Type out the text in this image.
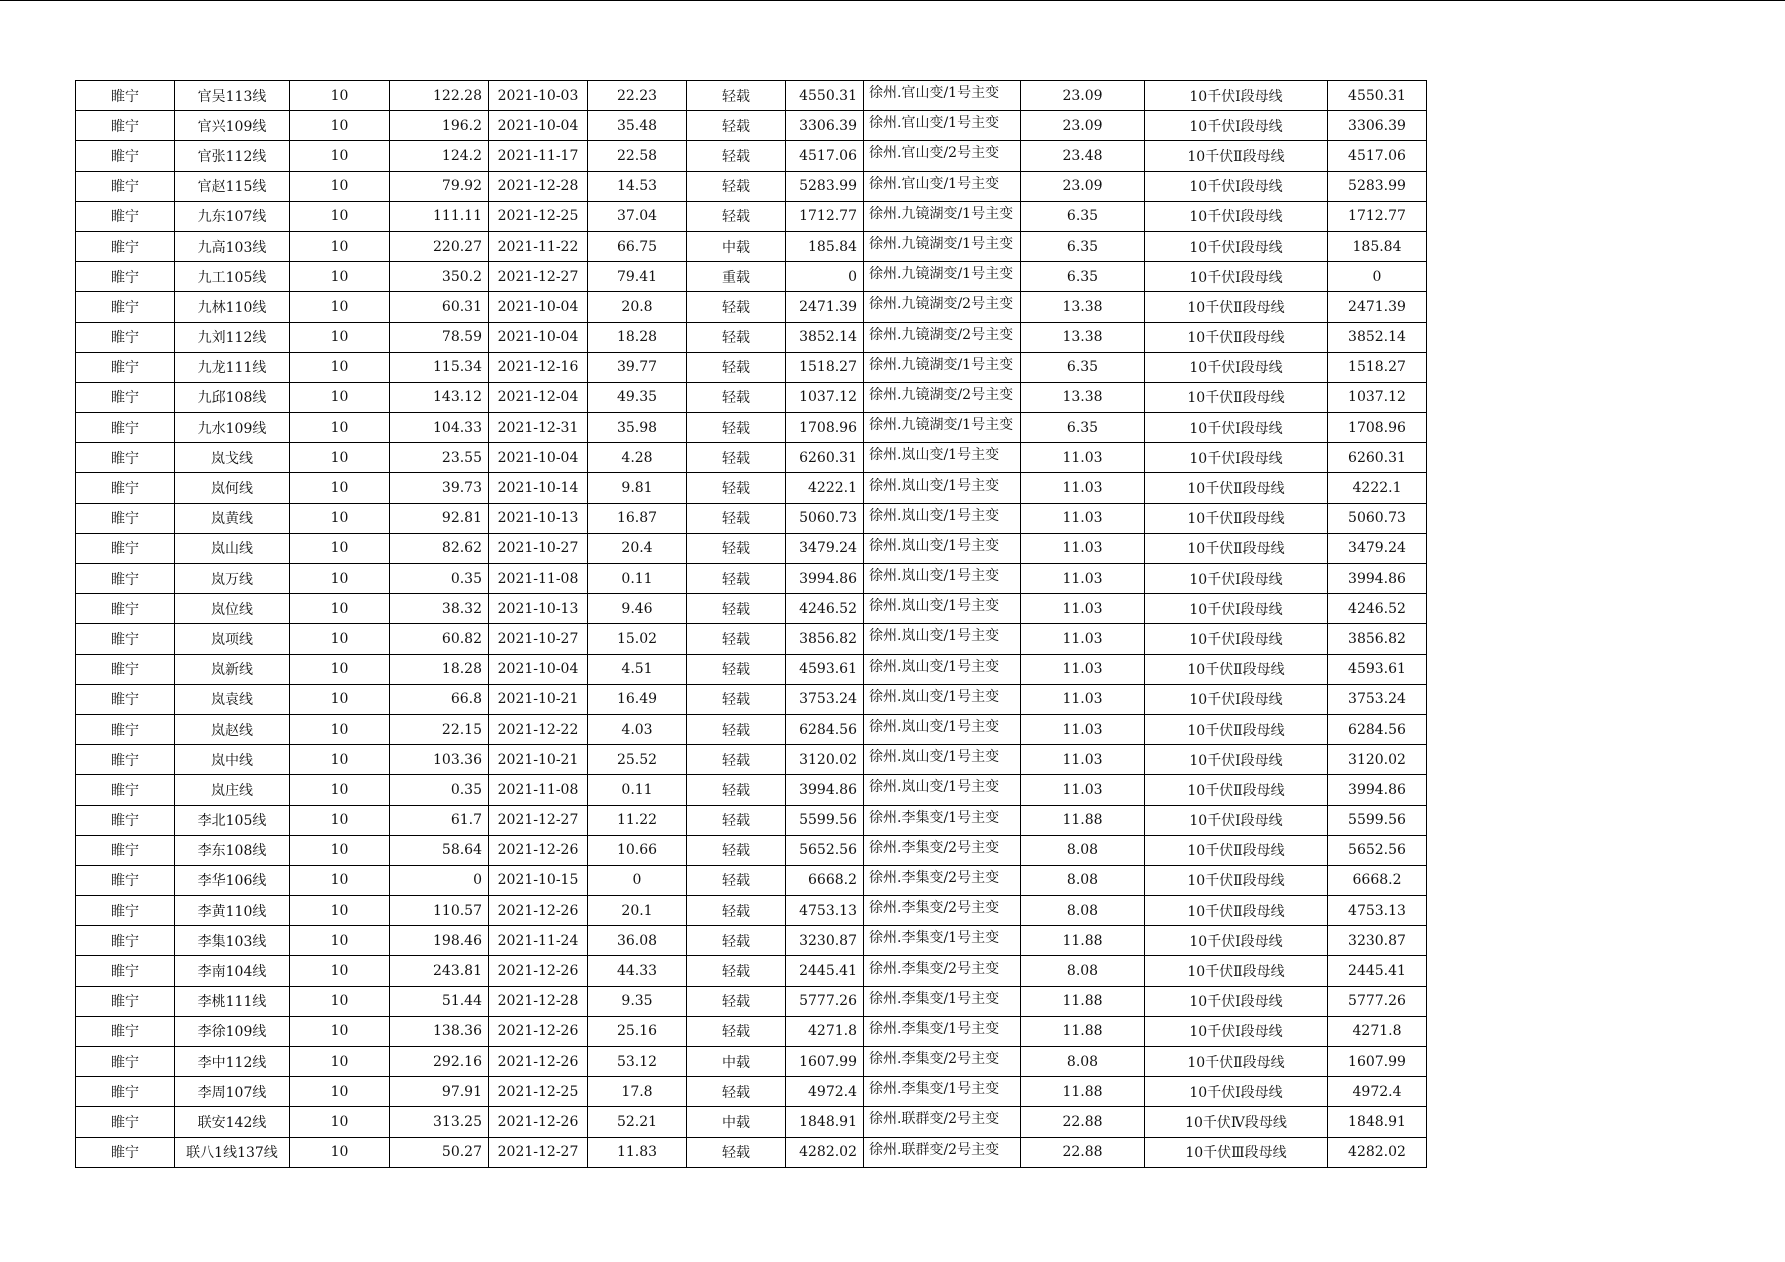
睢宁	官吴113线	10	122.28	2021-10-03	22.23	轻载	4550.31	徐州.官山变/1号主变	23.09	10千伏Ⅰ段母线	4550.31
睢宁	官兴109线	10	196.2	2021-10-04	35.48	轻载	3306.39	徐州.官山变/1号主变	23.09	10千伏Ⅰ段母线	3306.39
睢宁	官张112线	10	124.2	2021-11-17	22.58	轻载	4517.06	徐州.官山变/2号主变	23.48	10千伏Ⅱ段母线	4517.06
睢宁	官赵115线	10	79.92	2021-12-28	14.53	轻载	5283.99	徐州.官山变/1号主变	23.09	10千伏Ⅰ段母线	5283.99
睢宁	九东107线	10	111.11	2021-12-25	37.04	轻载	1712.77	徐州.九镜湖变/1号主变	6.35	10千伏Ⅰ段母线	1712.77
睢宁	九高103线	10	220.27	2021-11-22	66.75	中载	185.84	徐州.九镜湖变/1号主变	6.35	10千伏Ⅰ段母线	185.84
睢宁	九工105线	10	350.2	2021-12-27	79.41	重载	0	徐州.九镜湖变/1号主变	6.35	10千伏Ⅰ段母线	0
睢宁	九林110线	10	60.31	2021-10-04	20.8	轻载	2471.39	徐州.九镜湖变/2号主变	13.38	10千伏Ⅱ段母线	2471.39
睢宁	九刘112线	10	78.59	2021-10-04	18.28	轻载	3852.14	徐州.九镜湖变/2号主变	13.38	10千伏Ⅱ段母线	3852.14
睢宁	九龙111线	10	115.34	2021-12-16	39.77	轻载	1518.27	徐州.九镜湖变/1号主变	6.35	10千伏Ⅰ段母线	1518.27
睢宁	九邱108线	10	143.12	2021-12-04	49.35	轻载	1037.12	徐州.九镜湖变/2号主变	13.38	10千伏Ⅱ段母线	1037.12
睢宁	九水109线	10	104.33	2021-12-31	35.98	轻载	1708.96	徐州.九镜湖变/1号主变	6.35	10千伏Ⅰ段母线	1708.96
睢宁	岚戈线	10	23.55	2021-10-04	4.28	轻载	6260.31	徐州.岚山变/1号主变	11.03	10千伏Ⅰ段母线	6260.31
睢宁	岚何线	10	39.73	2021-10-14	9.81	轻载	4222.1	徐州.岚山变/1号主变	11.03	10千伏Ⅱ段母线	4222.1
睢宁	岚黄线	10	92.81	2021-10-13	16.87	轻载	5060.73	徐州.岚山变/1号主变	11.03	10千伏Ⅱ段母线	5060.73
睢宁	岚山线	10	82.62	2021-10-27	20.4	轻载	3479.24	徐州.岚山变/1号主变	11.03	10千伏Ⅱ段母线	3479.24
睢宁	岚万线	10	0.35	2021-11-08	0.11	轻载	3994.86	徐州.岚山变/1号主变	11.03	10千伏Ⅰ段母线	3994.86
睢宁	岚位线	10	38.32	2021-10-13	9.46	轻载	4246.52	徐州.岚山变/1号主变	11.03	10千伏Ⅰ段母线	4246.52
睢宁	岚项线	10	60.82	2021-10-27	15.02	轻载	3856.82	徐州.岚山变/1号主变	11.03	10千伏Ⅰ段母线	3856.82
睢宁	岚新线	10	18.28	2021-10-04	4.51	轻载	4593.61	徐州.岚山变/1号主变	11.03	10千伏Ⅱ段母线	4593.61
睢宁	岚袁线	10	66.8	2021-10-21	16.49	轻载	3753.24	徐州.岚山变/1号主变	11.03	10千伏Ⅰ段母线	3753.24
睢宁	岚赵线	10	22.15	2021-12-22	4.03	轻载	6284.56	徐州.岚山变/1号主变	11.03	10千伏Ⅱ段母线	6284.56
睢宁	岚中线	10	103.36	2021-10-21	25.52	轻载	3120.02	徐州.岚山变/1号主变	11.03	10千伏Ⅰ段母线	3120.02
睢宁	岚庄线	10	0.35	2021-11-08	0.11	轻载	3994.86	徐州.岚山变/1号主变	11.03	10千伏Ⅱ段母线	3994.86
睢宁	李北105线	10	61.7	2021-12-27	11.22	轻载	5599.56	徐州.李集变/1号主变	11.88	10千伏Ⅰ段母线	5599.56
睢宁	李东108线	10	58.64	2021-12-26	10.66	轻载	5652.56	徐州.李集变/2号主变	8.08	10千伏Ⅱ段母线	5652.56
睢宁	李华106线	10	0	2021-10-15	0	轻载	6668.2	徐州.李集变/2号主变	8.08	10千伏Ⅱ段母线	6668.2
睢宁	李黄110线	10	110.57	2021-12-26	20.1	轻载	4753.13	徐州.李集变/2号主变	8.08	10千伏Ⅱ段母线	4753.13
睢宁	李集103线	10	198.46	2021-11-24	36.08	轻载	3230.87	徐州.李集变/1号主变	11.88	10千伏Ⅰ段母线	3230.87
睢宁	李南104线	10	243.81	2021-12-26	44.33	轻载	2445.41	徐州.李集变/2号主变	8.08	10千伏Ⅱ段母线	2445.41
睢宁	李桃111线	10	51.44	2021-12-28	9.35	轻载	5777.26	徐州.李集变/1号主变	11.88	10千伏Ⅰ段母线	5777.26
睢宁	李徐109线	10	138.36	2021-12-26	25.16	轻载	4271.8	徐州.李集变/1号主变	11.88	10千伏Ⅰ段母线	4271.8
睢宁	李中112线	10	292.16	2021-12-26	53.12	中载	1607.99	徐州.李集变/2号主变	8.08	10千伏Ⅱ段母线	1607.99
睢宁	李周107线	10	97.91	2021-12-25	17.8	轻载	4972.4	徐州.李集变/1号主变	11.88	10千伏Ⅰ段母线	4972.4
睢宁	联安142线	10	313.25	2021-12-26	52.21	中载	1848.91	徐州.联群变/2号主变	22.88	10千伏Ⅳ段母线	1848.91
睢宁	联八1线137线	10	50.27	2021-12-27	11.83	轻载	4282.02	徐州.联群变/2号主变	22.88	10千伏Ⅲ段母线	4282.02
